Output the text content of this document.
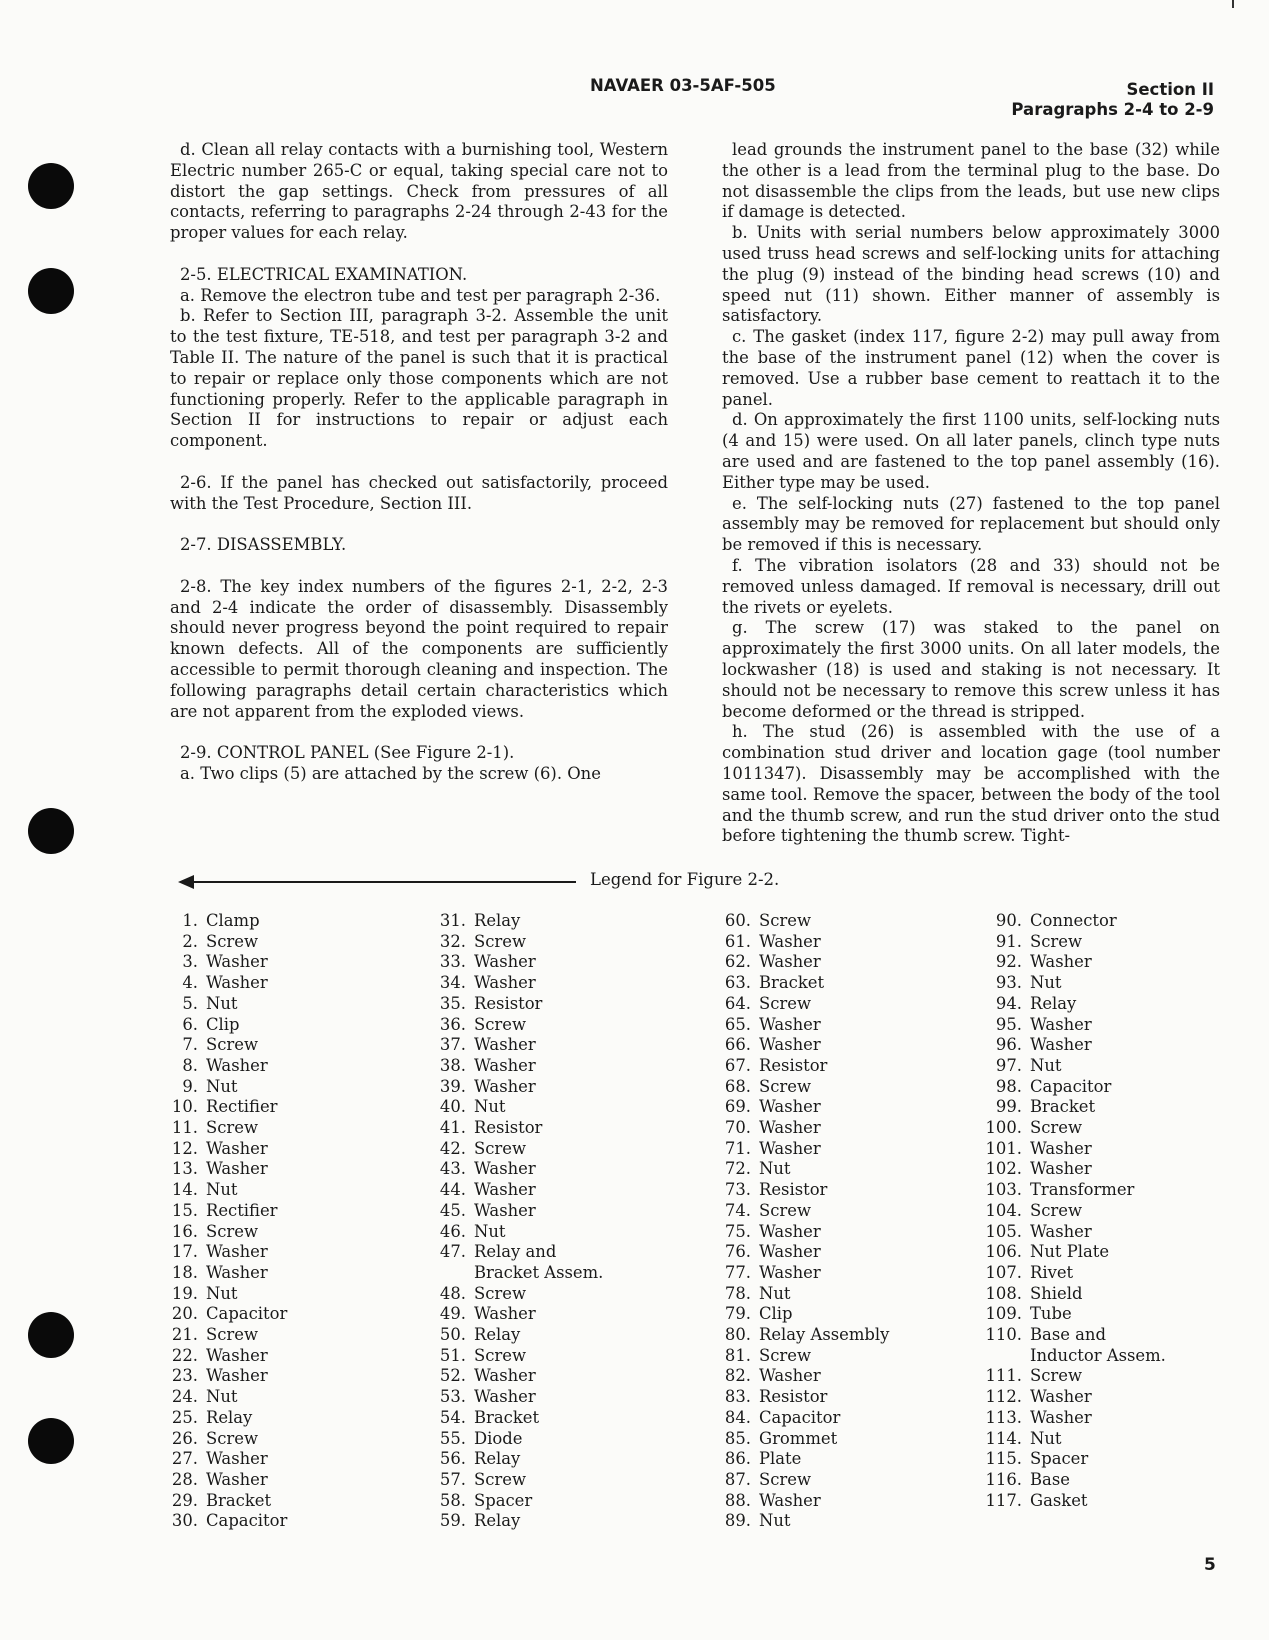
NAVAER 03-5AF-505	Section II
Paragraphs 2-4 to 2-9

d. Clean all relay contacts with a burnishing tool, Western Electric number 265-C or equal, taking special care not to distort the gap settings. Check from pressures of all contacts, referring to paragraphs 2-24 through 2-43 for the proper values for each relay.

2-5. ELECTRICAL EXAMINATION.

a. Remove the electron tube and test per paragraph 2-36.

b. Refer to Section III, paragraph 3-2. Assemble the unit to the test fixture, TE-518, and test per paragraph 3-2 and Table II. The nature of the panel is such that it is practical to repair or replace only those components which are not functioning properly. Refer to the applicable paragraph in Section II for instructions to repair or adjust each component.

2-6. If the panel has checked out satisfactorily, proceed with the Test Procedure, Section III.

2-7. DISASSEMBLY.

2-8. The key index numbers of the figures 2-1, 2-2, 2-3 and 2-4 indicate the order of disassembly. Disassembly should never progress beyond the point required to repair known defects. All of the components are sufficiently accessible to permit thorough cleaning and inspection. The following paragraphs detail certain characteristics which are not apparent from the exploded views.

2-9. CONTROL PANEL (See Figure 2-1).

a. Two clips (5) are attached by the screw (6). One

lead grounds the instrument panel to the base (32) while the other is a lead from the terminal plug to the base. Do not disassemble the clips from the leads, but use new clips if damage is detected.

b. Units with serial numbers below approximately 3000 used truss head screws and self-locking units for attaching the plug (9) instead of the binding head screws (10) and speed nut (11) shown. Either manner of assembly is satisfactory.

c. The gasket (index 117, figure 2-2) may pull away from the base of the instrument panel (12) when the cover is removed. Use a rubber base cement to reattach it to the panel.

d. On approximately the first 1100 units, self-locking nuts (4 and 15) were used. On all later panels, clinch type nuts are used and are fastened to the top panel assembly (16). Either type may be used.

e. The self-locking nuts (27) fastened to the top panel assembly may be removed for replacement but should only be removed if this is necessary.

f. The vibration isolators (28 and 33) should not be removed unless damaged. If removal is necessary, drill out the rivets or eyelets.

g. The screw (17) was staked to the panel on approximately the first 3000 units. On all later models, the lockwasher (18) is used and staking is not necessary. It should not be necessary to remove this screw unless it has become deformed or the thread is stripped.

h. The stud (26) is assembled with the use of a combination stud driver and location gage (tool number 1011347). Disassembly may be accomplished with the same tool. Remove the spacer, between the body of the tool and the thumb screw, and run the stud driver onto the stud before tightening the thumb screw. Tight-

Legend for Figure 2-2.
1. Clamp
2. Screw
3. Washer
4. Washer
5. Nut
6. Clip
7. Screw
8. Washer
9. Nut
10. Rectifier
11. Screw
12. Washer
13. Washer
14. Nut
15. Rectifier
16. Screw
17. Washer
18. Washer
19. Nut
20. Capacitor
21. Screw
22. Washer
23. Washer
24. Nut
25. Relay
26. Screw
27. Washer
28. Washer
29. Bracket
30. Capacitor
31. Relay
32. Screw
33. Washer
34. Washer
35. Resistor
36. Screw
37. Washer
38. Washer
39. Washer
40. Nut
41. Resistor
42. Screw
43. Washer
44. Washer
45. Washer
46. Nut
47. Relay and
Bracket Assem.
48. Screw
49. Washer
50. Relay
51. Screw
52. Washer
53. Washer
54. Bracket
55. Diode
56. Relay
57. Screw
58. Spacer
59. Relay
60. Screw
61. Washer
62. Washer
63. Bracket
64. Screw
65. Washer
66. Washer
67. Resistor
68. Screw
69. Washer
70. Washer
71. Washer
72. Nut
73. Resistor
74. Screw
75. Washer
76. Washer
77. Washer
78. Nut
79. Clip
80. Relay Assembly
81. Screw
82. Washer
83. Resistor
84. Capacitor
85. Grommet
86. Plate
87. Screw
88. Washer
89. Nut
90. Connector
91. Screw
92. Washer
93. Nut
94. Relay
95. Washer
96. Washer
97. Nut
98. Capacitor
99. Bracket
100. Screw
101. Washer
102. Washer
103. Transformer
104. Screw
105. Washer
106. Nut Plate
107. Rivet
108. Shield
109. Tube
110. Base and
Inductor Assem.
111. Screw
112. Washer
113. Washer
114. Nut
115. Spacer
116. Base
117. Gasket
5
